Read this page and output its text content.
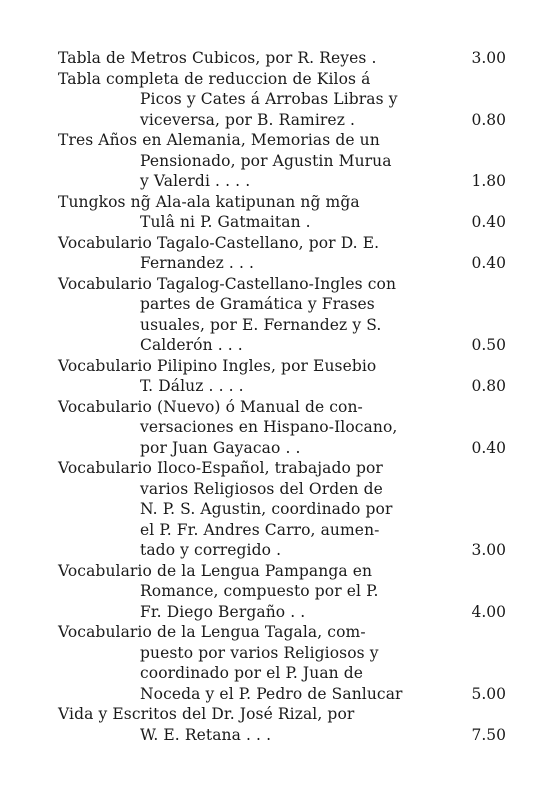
Tabla de Metros Cubicos, por R. Reyes .	3.00
Tabla completa de reduccion de Kilos á
Picos y Cates á Arrobas Libras y
viceversa, por B. Ramirez .	0.80
Tres Años en Alemania, Memorias de un
Pensionado, por Agustin Murua
y Valerdi . . . .	1.80
Tungkos ng̃ Ala-ala katipunan ng̃ mg̃a
Tulâ ni P. Gatmaitan .	0.40
Vocabulario Tagalo-Castellano, por D. E.
Fernandez . . .	0.40
Vocabulario Tagalog-Castellano-Ingles con
partes de Gramática y Frases
usuales, por E. Fernandez y S.
Calderón . . .	0.50
Vocabulario Pilipino Ingles, por Eusebio
T. Dáluz . . . .	0.80
Vocabulario (Nuevo) ó Manual de con-
versaciones en Hispano-Ilocano,
por Juan Gayacao . .	0.40
Vocabulario Iloco-Español, trabajado por
varios Religiosos del Orden de
N. P. S. Agustin, coordinado por
el P. Fr. Andres Carro, aumen-
tado y corregido .	3.00
Vocabulario de la Lengua Pampanga en
Romance, compuesto por el P.
Fr. Diego Bergaño . .	4.00
Vocabulario de la Lengua Tagala, com-
puesto por varios Religiosos y
coordinado por el P. Juan de
Noceda y el P. Pedro de Sanlucar	5.00
Vida y Escritos del Dr. José Rizal, por
W. E. Retana . . .	7.50
